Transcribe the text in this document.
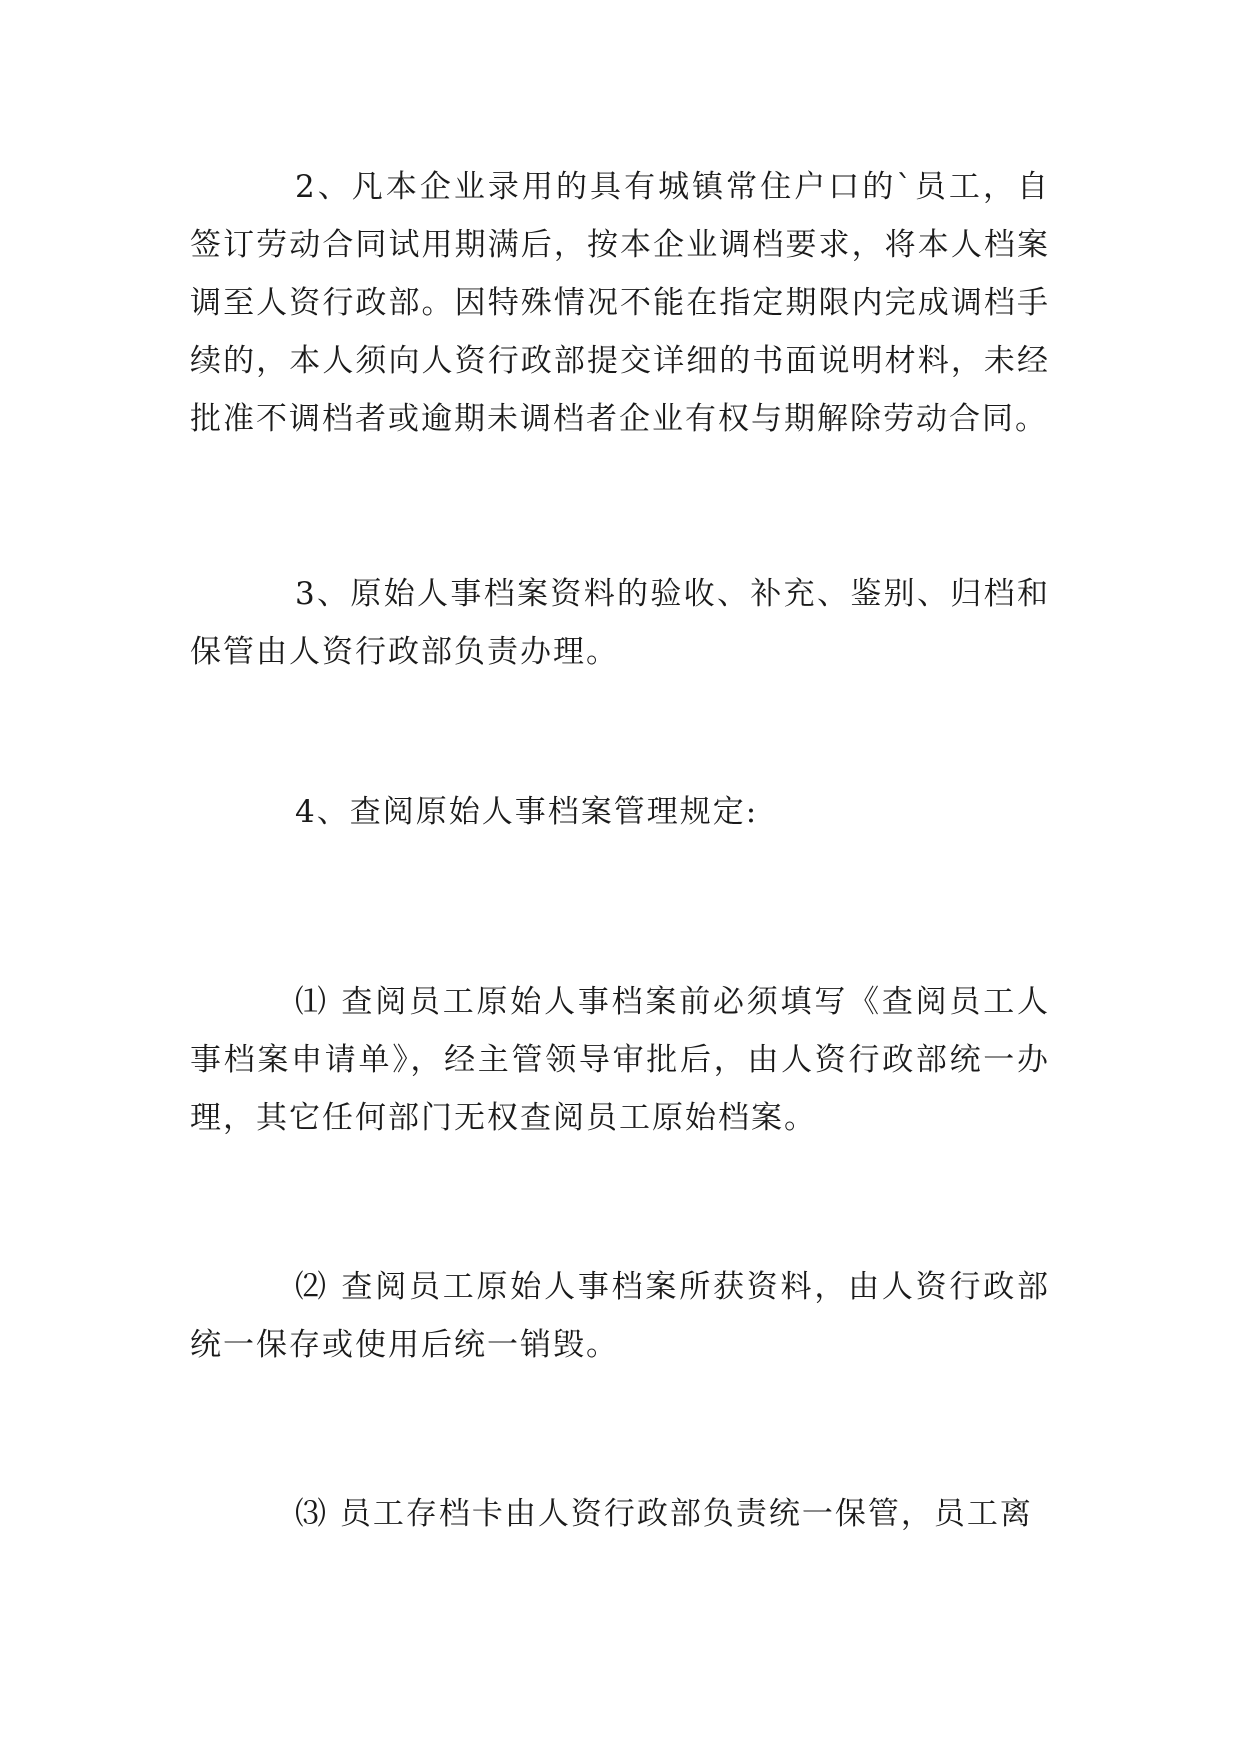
2、凡本企业录用的具有城镇常住户口的`员工，自签订劳动合同试用期满后，按本企业调档要求，将本人档案调至人资行政部。因特殊情况不能在指定期限内完成调档手续的，本人须向人资行政部提交详细的书面说明材料，未经批准不调档者或逾期未调档者企业有权与期解除劳动合同。

3、原始人事档案资料的验收、补充、鉴别、归档和保管由人资行政部负责办理。

4、查阅原始人事档案管理规定:

⑴ 查阅员工原始人事档案前必须填写《查阅员工人事档案申请单》，经主管领导审批后，由人资行政部统一办理，其它任何部门无权查阅员工原始档案。

⑵ 查阅员工原始人事档案所获资料，由人资行政部统一保存或使用后统一销毁。

⑶ 员工存档卡由人资行政部负责统一保管，员工离
